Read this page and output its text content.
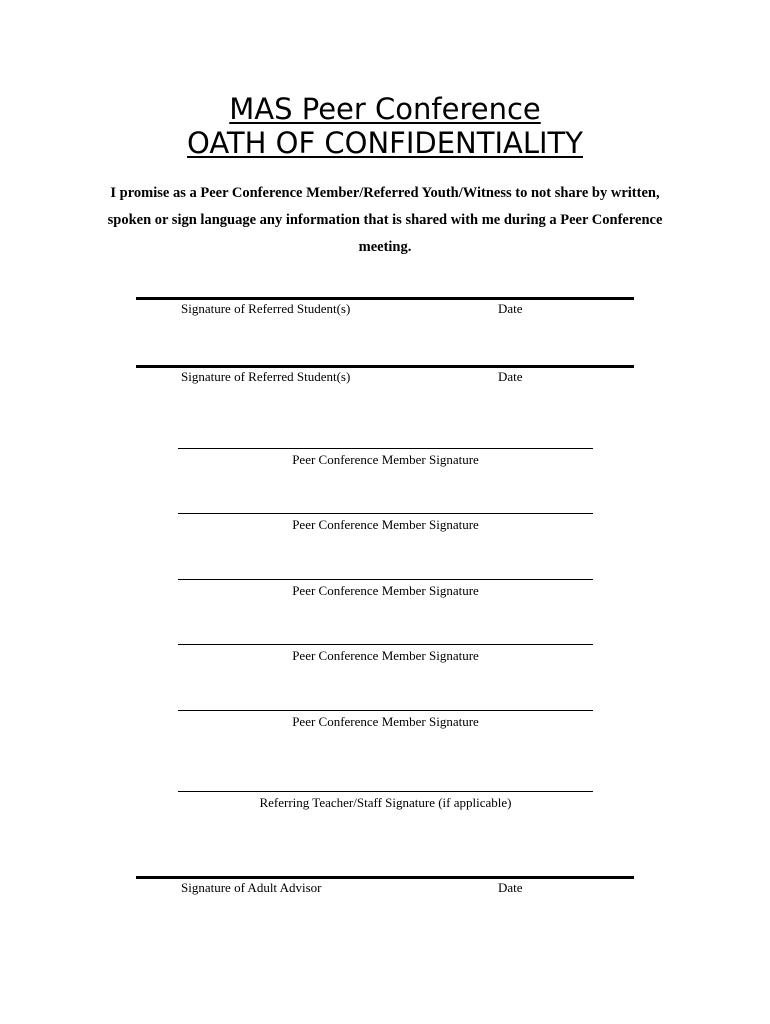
MAS Peer Conference
OATH OF CONFIDENTIALITY
I promise as a Peer Conference Member/Referred Youth/Witness to not share by written,
spoken or sign language any information that is shared with me during a Peer Conference
meeting.
Signature of Referred Student(s)	Date
Signature of Referred Student(s)	Date
Peer Conference Member Signature
Peer Conference Member Signature
Peer Conference Member Signature
Peer Conference Member Signature
Peer Conference Member Signature
Referring Teacher/Staff Signature (if applicable)
Signature of Adult Advisor	Date
